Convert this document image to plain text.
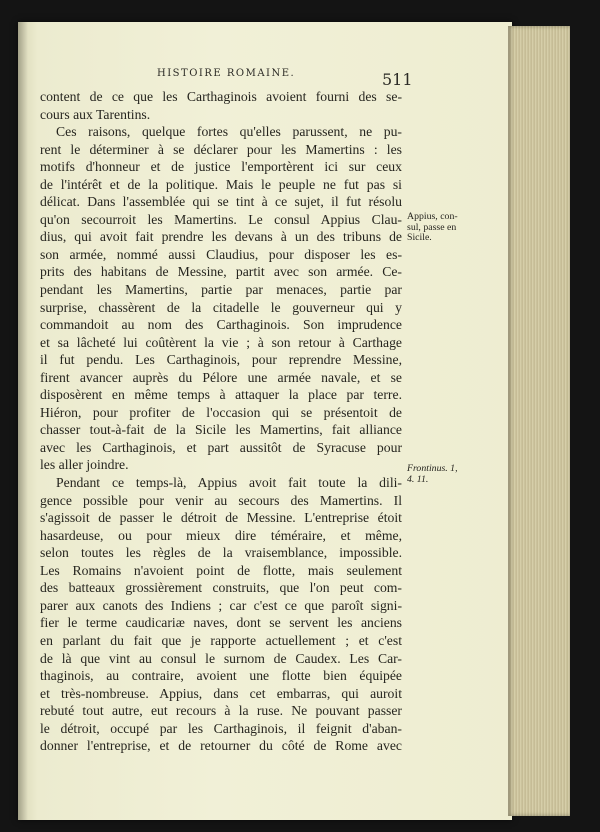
HISTOIRE ROMAINE.	511
content de ce que les Carthaginois avoient fourni des se-
cours aux Tarentins.
Ces raisons, quelque fortes qu'elles parussent, ne pu-
rent le déterminer à se déclarer pour les Mamertins : les
motifs d'honneur et de justice l'emportèrent ici sur ceux
de l'intérêt et de la politique. Mais le peuple ne fut pas si
délicat. Dans l'assemblée qui se tint à ce sujet, il fut résolu
qu'on secourroit les Mamertins. Le consul Appius Clau-
dius, qui avoit fait prendre les devans à un des tribuns de
son armée, nommé aussi Claudius, pour disposer les es-
prits des habitans de Messine, partit avec son armée. Ce-
pendant les Mamertins, partie par menaces, partie par
surprise, chassèrent de la citadelle le gouverneur qui y
commandoit au nom des Carthaginois. Son imprudence
et sa lâcheté lui coûtèrent la vie ; à son retour à Carthage
il fut pendu. Les Carthaginois, pour reprendre Messine,
firent avancer auprès du Pélore une armée navale, et se
disposèrent en même temps à attaquer la place par terre.
Hiéron, pour profiter de l'occasion qui se présentoit de
chasser tout-à-fait de la Sicile les Mamertins, fait alliance
avec les Carthaginois, et part aussitôt de Syracuse pour
les aller joindre.
Pendant ce temps-là, Appius avoit fait toute la dili-
gence possible pour venir au secours des Mamertins. Il
s'agissoit de passer le détroit de Messine. L'entreprise étoit
hasardeuse, ou pour mieux dire téméraire, et même,
selon toutes les règles de la vraisemblance, impossible.
Les Romains n'avoient point de flotte, mais seulement
des batteaux grossièrement construits, que l'on peut com-
parer aux canots des Indiens ; car c'est ce que paroît signi-
fier le terme caudicariæ naves, dont se servent les anciens
en parlant du fait que je rapporte actuellement ; et c'est
de là que vint au consul le surnom de Caudex. Les Car-
thaginois, au contraire, avoient une flotte bien équipée
et très-nombreuse. Appius, dans cet embarras, qui auroit
rebuté tout autre, eut recours à la ruse. Ne pouvant passer
le détroit, occupé par les Carthaginois, il feignit d'aban-
donner l'entreprise, et de retourner du côté de Rome avec
Appius, con-
sul, passe en
Sicile.
Frontinus. 1,
4. 11.
